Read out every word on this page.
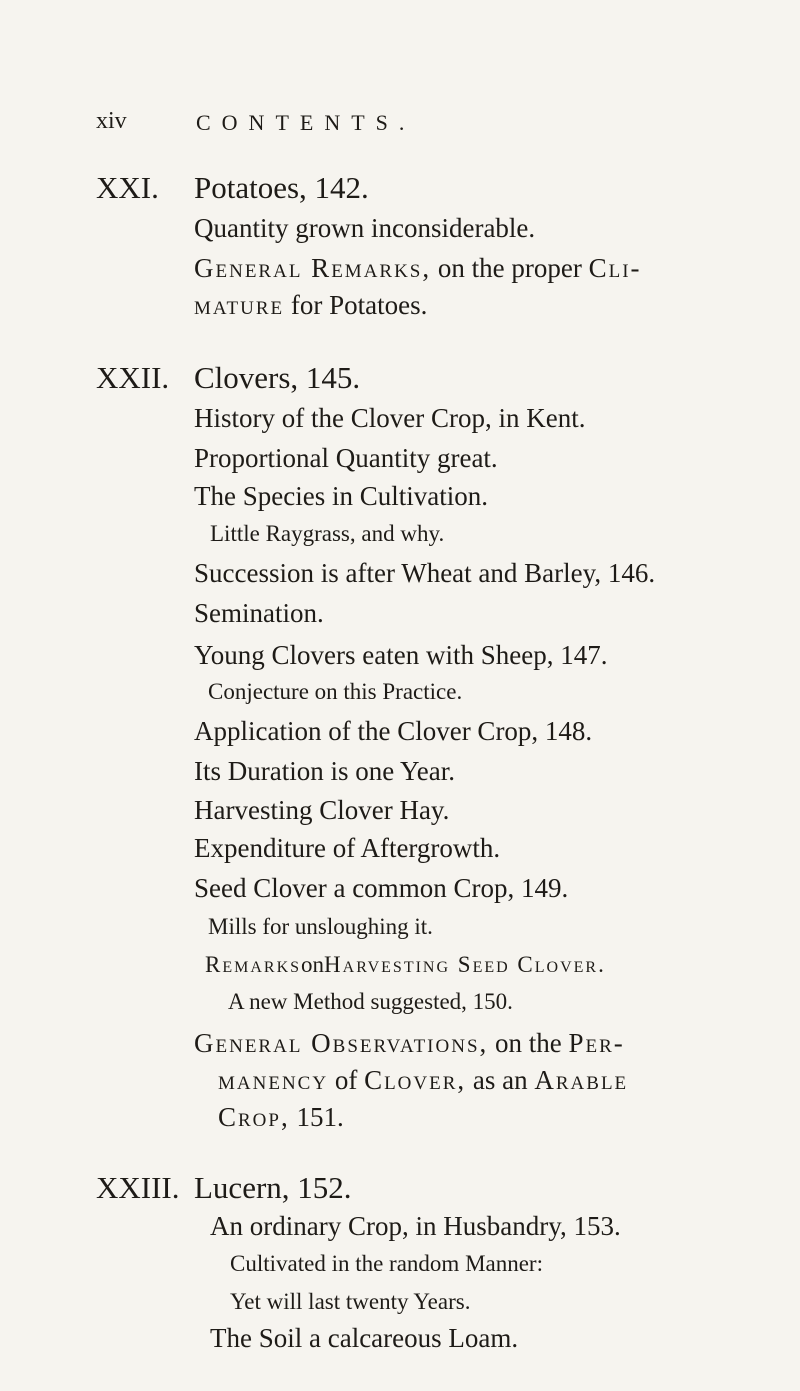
xiv	CONTENTS.
XXI. Potatoes, 142.
Quantity grown inconsiderable.
General Remarks, on the proper Cli-
mature for Potatoes.
XXII. Clovers, 145.
History of the Clover Crop, in Kent.
Proportional Quantity great.
The Species in Cultivation.
Little Raygrass, and why.
Succession is after Wheat and Barley, 146.
Semination.
Young Clovers eaten with Sheep, 147.
Conjecture on this Practice.
Application of the Clover Crop, 148.
Its Duration is one Year.
Harvesting Clover Hay.
Expenditure of Aftergrowth.
Seed Clover a common Crop, 149.
Mills for unsloughing it.
RemarksonHarvesting Seed Clover.
A new Method suggested, 150.
General Observations, on the Per-
manency of Clover, as an Arable
Crop, 151.
XXIII. Lucern, 152.
An ordinary Crop, in Husbandry, 153.
Cultivated in the random Manner:
Yet will last twenty Years.
The Soil a calcareous Loam.
